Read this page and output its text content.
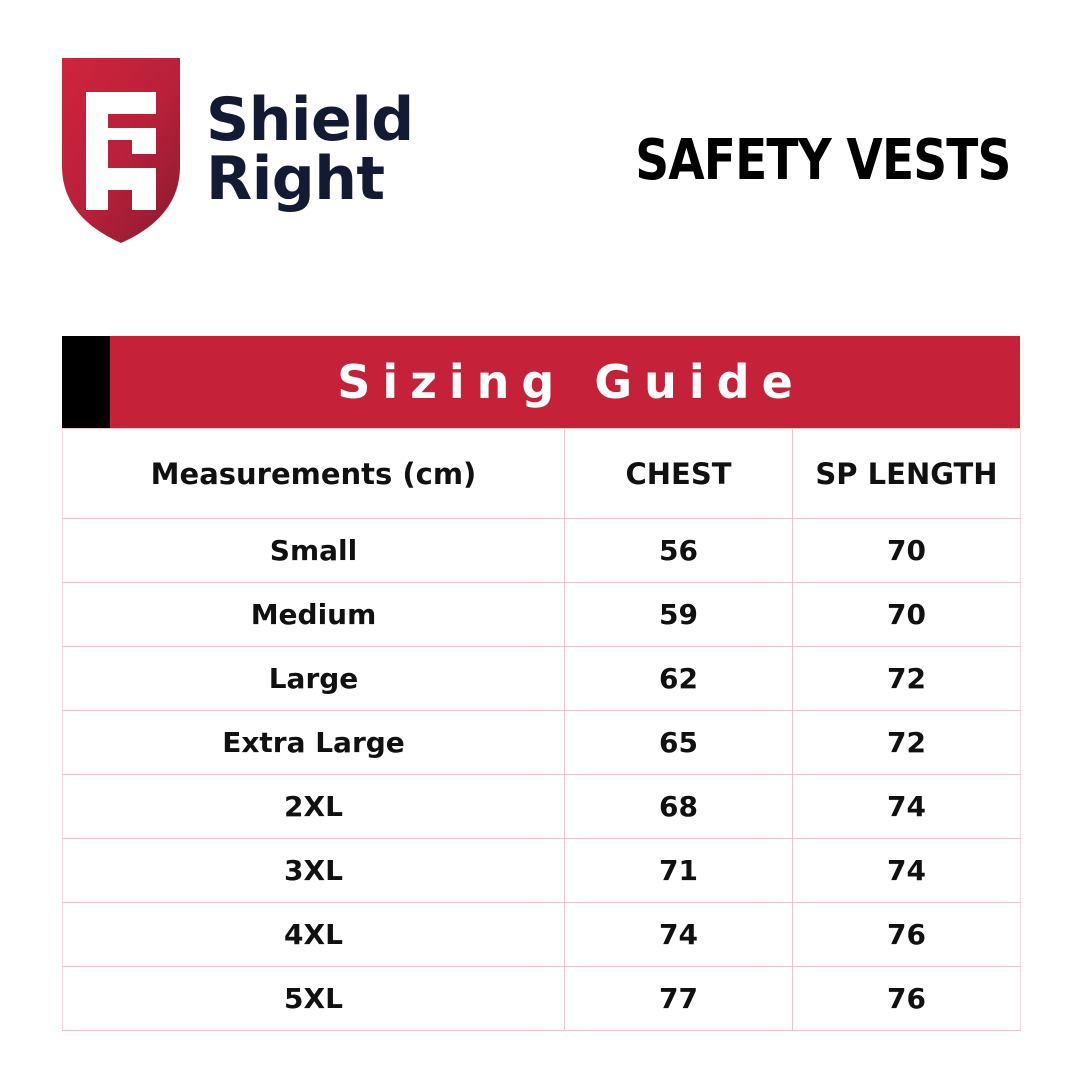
Shield
Right	SAFETY VESTS
Sizing Guide
Measurements (cm)	CHEST	SP LENGTH
Small	56	70
Medium	59	70
Large	62	72
Extra Large	65	72
2XL	68	74
3XL	71	74
4XL	74	76
5XL	77	76
